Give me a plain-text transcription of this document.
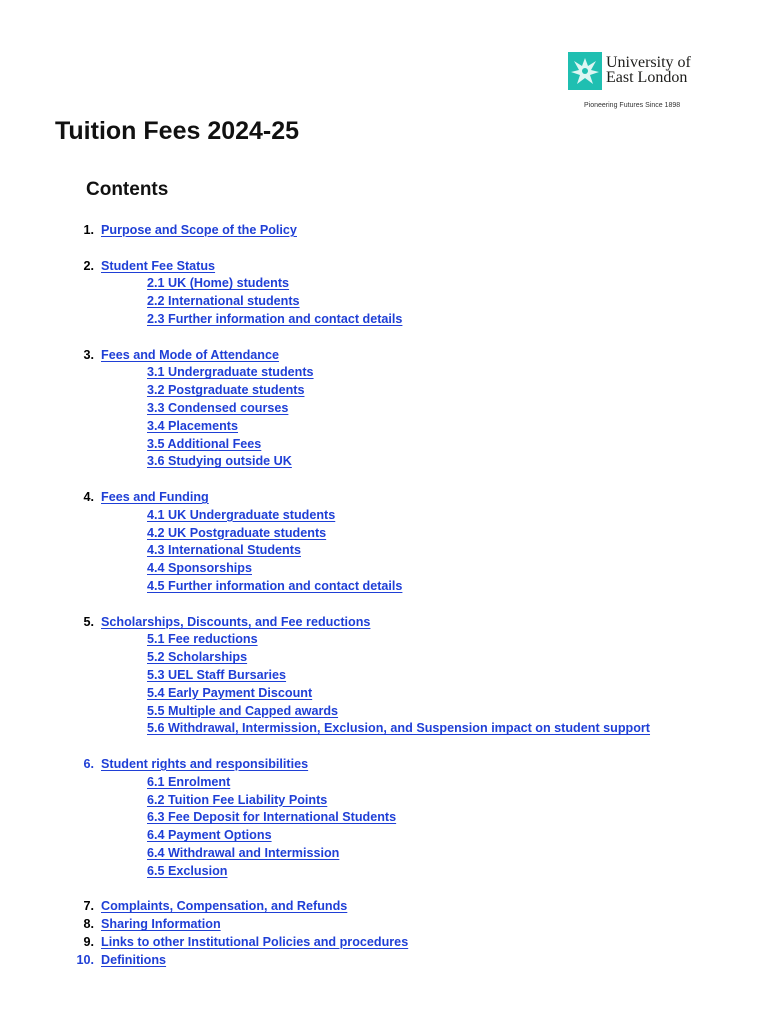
University of
East London
Pioneering Futures Since 1898
Tuition Fees 2024-25
Contents
1. Purpose and Scope of the Policy
2. Student Fee Status
2.1 UK (Home) students
2.2 International students
2.3 Further information and contact details
3. Fees and Mode of Attendance
3.1 Undergraduate students
3.2 Postgraduate students
3.3 Condensed courses
3.4 Placements
3.5 Additional Fees
3.6 Studying outside UK
4. Fees and Funding
4.1 UK Undergraduate students
4.2 UK Postgraduate students
4.3 International Students
4.4 Sponsorships
4.5 Further information and contact details
5. Scholarships, Discounts, and Fee reductions
5.1 Fee reductions
5.2 Scholarships
5.3 UEL Staff Bursaries
5.4 Early Payment Discount
5.5 Multiple and Capped awards
5.6 Withdrawal, Intermission, Exclusion, and Suspension impact on student support
6. Student rights and responsibilities
6.1 Enrolment
6.2 Tuition Fee Liability Points
6.3 Fee Deposit for International Students
6.4 Payment Options
6.4 Withdrawal and Intermission
6.5 Exclusion
7. Complaints, Compensation, and Refunds
8. Sharing Information
9. Links to other Institutional Policies and procedures
10. Definitions
